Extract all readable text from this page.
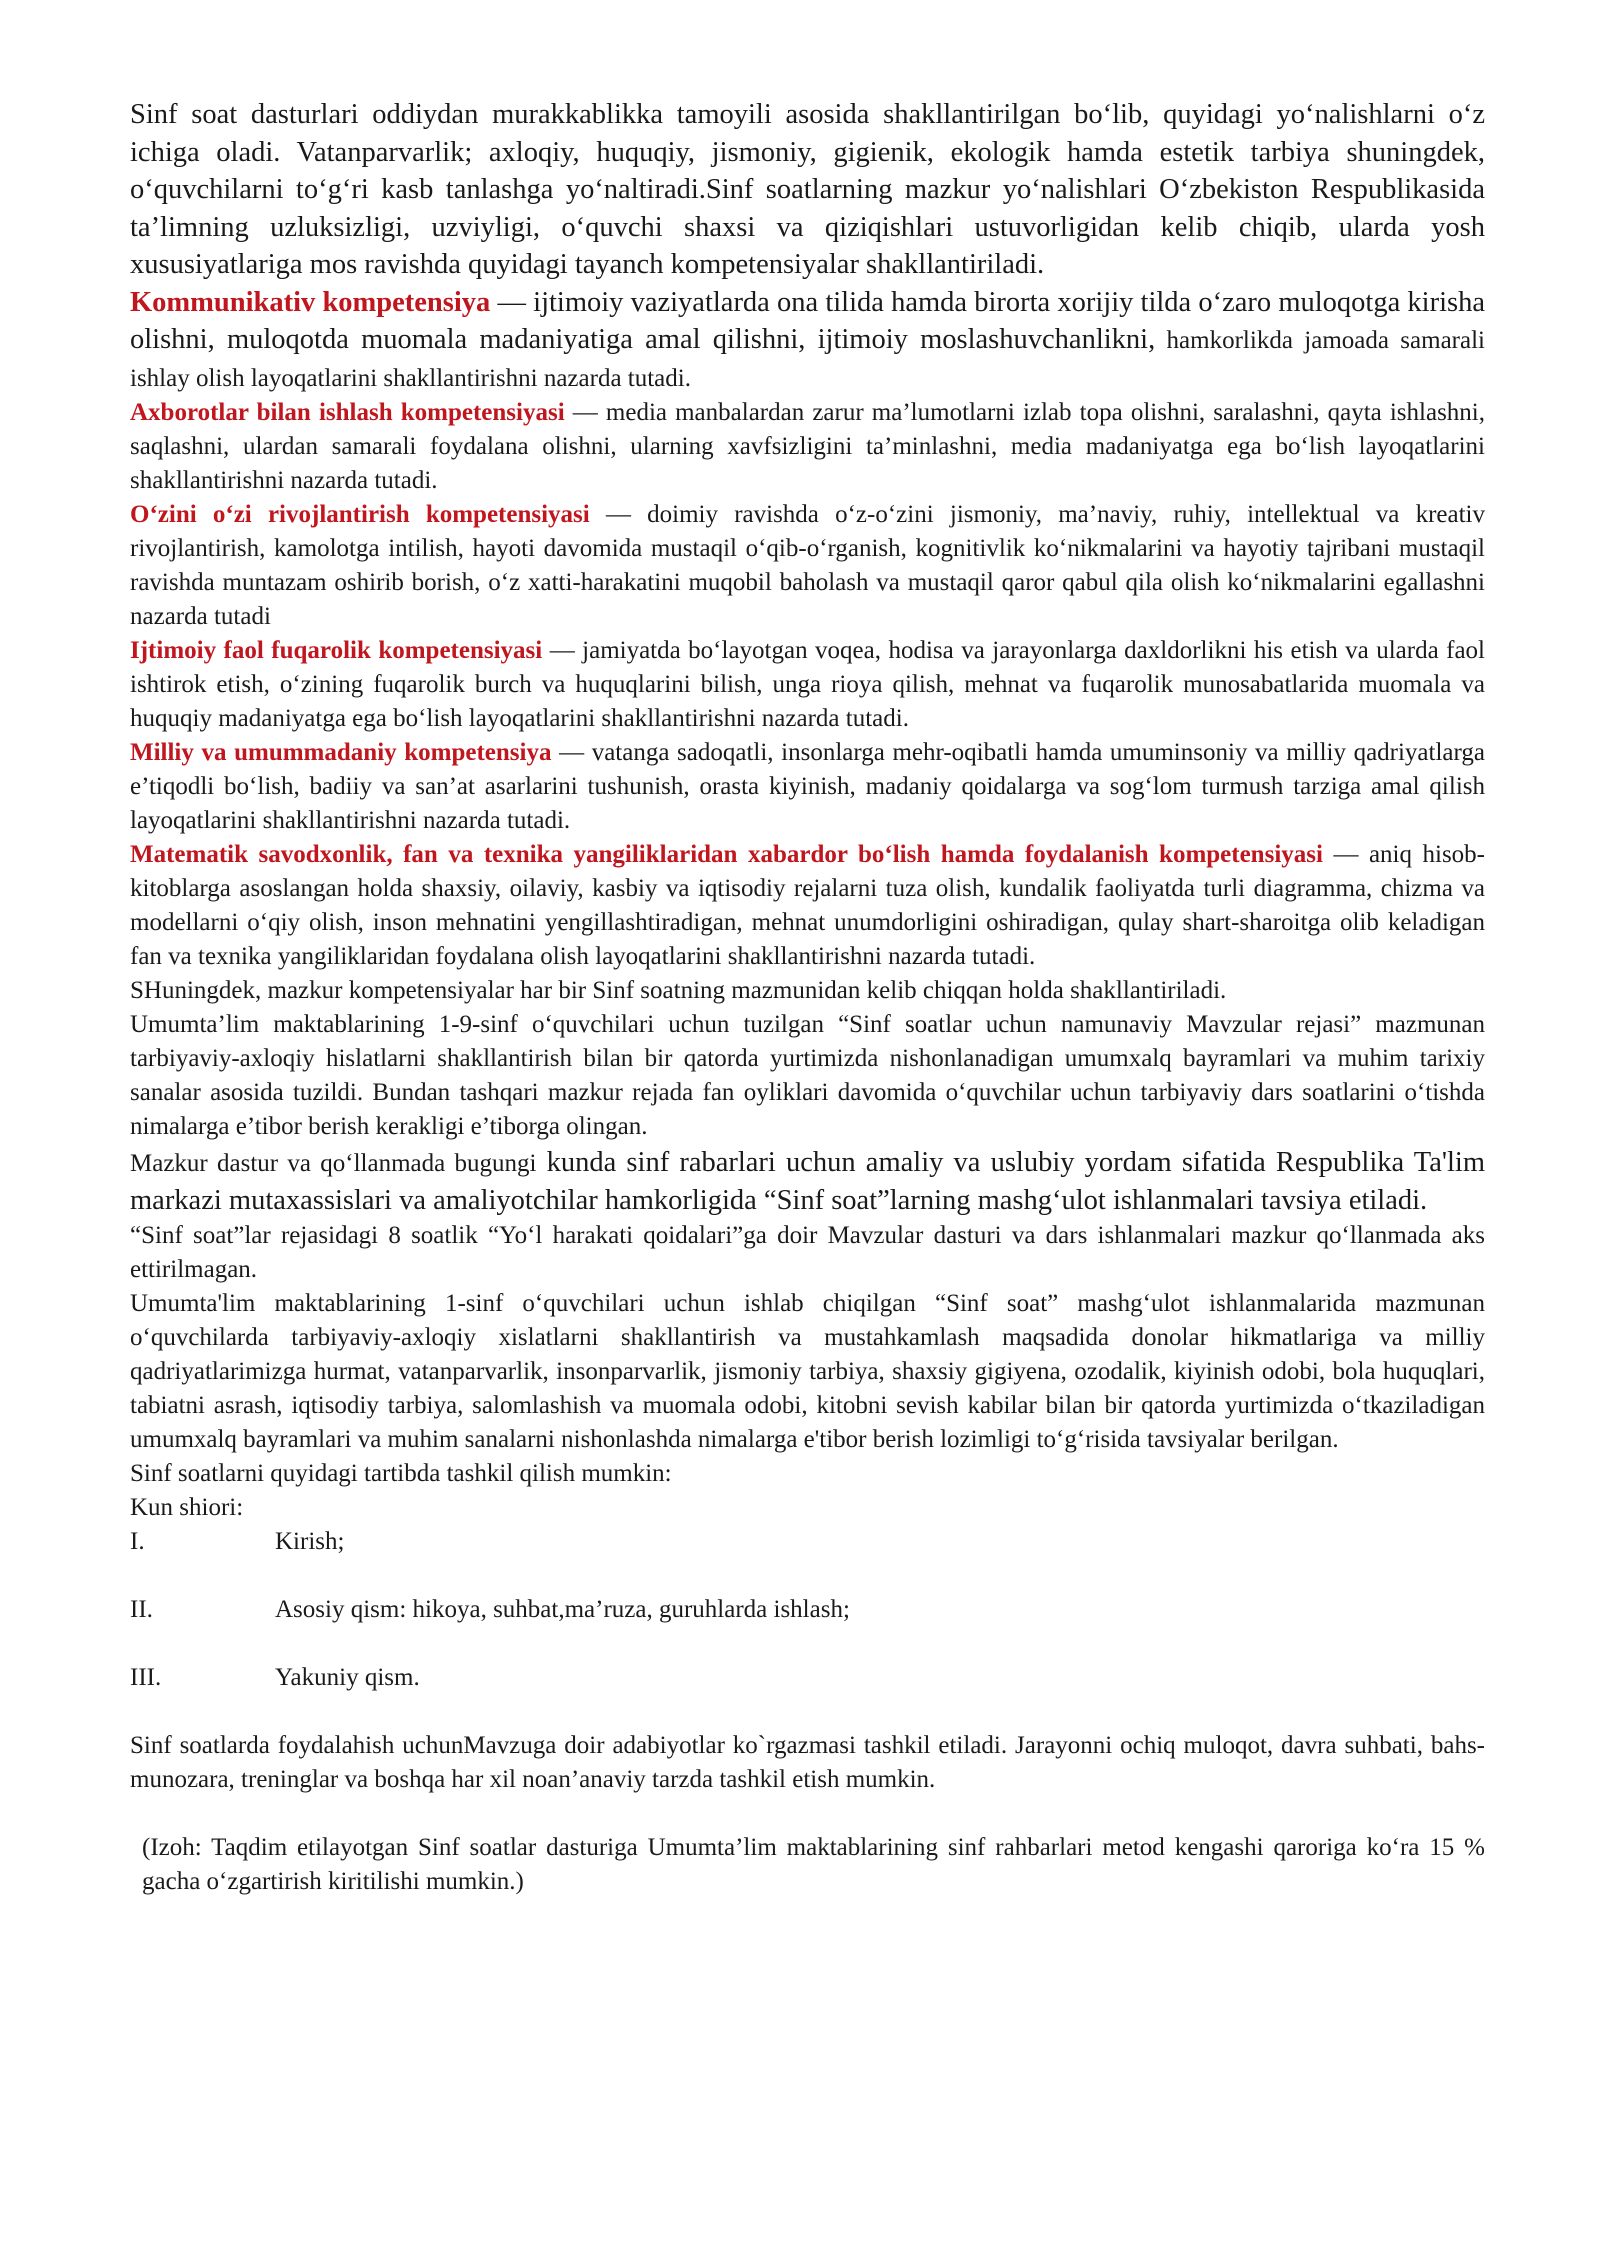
Sinf soat dasturlari oddiydan murakkablikka tamoyili asosida shakllantirilgan bo‘lib, quyidagi yo‘nalishlarni o‘z ichiga oladi. Vatanparvarlik; axloqiy, huquqiy, jismoniy, gigienik, ekologik hamda estetik tarbiya shuningdek, o‘quvchilarni to‘g‘ri kasb tanlashga yo‘naltiradi.Sinf soatlarning mazkur yo‘nalishlari O‘zbekiston Respublikasida ta’limning uzluksizligi, uzviyligi, o‘quvchi shaxsi va qiziqishlari ustuvorligidan kelib chiqib, ularda yosh xususiyatlariga mos ravishda quyidagi tayanch kompetensiyalar shakllantiriladi.

Kommunikativ kompetensiya — ijtimoiy vaziyatlarda ona tilida hamda birorta xorijiy tilda o‘zaro muloqotga kirisha olishni, muloqotda muomala madaniyatiga amal qilishni, ijtimoiy moslashuvchanlikni, hamkorlikda jamoada samarali ishlay olish layoqatlarini shakllantirishni nazarda tutadi.

Axborotlar bilan ishlash kompetensiyasi — media manbalardan zarur ma’lumotlarni izlab topa olishni, saralashni, qayta ishlashni, saqlashni, ulardan samarali foydalana olishni, ularning xavfsizligini ta’minlashni, media madaniyatga ega bo‘lish layoqatlarini shakllantirishni nazarda tutadi.

O‘zini o‘zi rivojlantirish kompetensiyasi — doimiy ravishda o‘z-o‘zini jismoniy, ma’naviy, ruhiy, intellektual va kreativ rivojlantirish, kamolotga intilish, hayoti davomida mustaqil o‘qib-o‘rganish, kognitivlik ko‘nikmalarini va hayotiy tajribani mustaqil ravishda muntazam oshirib borish, o‘z xatti-harakatini muqobil baholash va mustaqil qaror qabul qila olish ko‘nikmalarini egallashni nazarda tutadi

Ijtimoiy faol fuqarolik kompetensiyasi — jamiyatda bo‘layotgan voqea, hodisa va jarayonlarga daxldorlikni his etish va ularda faol ishtirok etish, o‘zining fuqarolik burch va huquqlarini bilish, unga rioya qilish, mehnat va fuqarolik munosabatlarida muomala va huquqiy madaniyatga ega bo‘lish layoqatlarini shakllantirishni nazarda tutadi.

Milliy va umummadaniy kompetensiya — vatanga sadoqatli, insonlarga mehr-oqibatli hamda umuminsoniy va milliy qadriyatlarga e’tiqodli bo‘lish, badiiy va san’at asarlarini tushunish, orasta kiyinish, madaniy qoidalarga va sog‘lom turmush tarziga amal qilish layoqatlarini shakllantirishni nazarda tutadi.

Matematik savodxonlik, fan va texnika yangiliklaridan xabardor bo‘lish hamda foydalanish kompetensiyasi — aniq hisob-kitoblarga asoslangan holda shaxsiy, oilaviy, kasbiy va iqtisodiy rejalarni tuza olish, kundalik faoliyatda turli diagramma, chizma va modellarni o‘qiy olish, inson mehnatini yengillashtiradigan, mehnat unumdorligini oshiradigan, qulay shart-sharoitga olib keladigan fan va texnika yangiliklaridan foydalana olish layoqatlarini shakllantirishni nazarda tutadi.

SHuningdek, mazkur kompetensiyalar har bir Sinf soatning mazmunidan kelib chiqqan holda shakllantiriladi.

Umumta’lim maktablarining 1-9-sinf o‘quvchilari uchun tuzilgan “Sinf soatlar uchun namunaviy Mavzular rejasi” mazmunan tarbiyaviy-axloqiy hislatlarni shakllantirish bilan bir qatorda yurtimizda nishonlanadigan umumxalq bayramlari va muhim tarixiy sanalar asosida tuzildi. Bundan tashqari mazkur rejada fan oyliklari davomida o‘quvchilar uchun tarbiyaviy dars soatlarini o‘tishda nimalarga e’tibor berish kerakligi e’tiborga olingan.

Mazkur dastur va qo‘llanmada bugungi kunda sinf rabarlari uchun amaliy va uslubiy yordam sifatida Respublika Ta'lim markazi mutaxassislari va amaliyotchilar hamkorligida “Sinf soat”larning mashg‘ulot ishlanmalari tavsiya etiladi.

“Sinf soat”lar rejasidagi 8 soatlik “Yo‘l harakati qoidalari”ga doir Mavzular dasturi va dars ishlanmalari mazkur qo‘llanmada aks ettirilmagan.

Umumta'lim maktablarining 1-sinf o‘quvchilari uchun ishlab chiqilgan “Sinf soat” mashg‘ulot ishlanmalarida mazmunan o‘quvchilarda tarbiyaviy-axloqiy xislatlarni shakllantirish va mustahkamlash maqsadida donolar hikmatlariga va milliy qadriyatlarimizga hurmat, vatanparvarlik, insonparvarlik, jismoniy tarbiya, shaxsiy gigiyena, ozodalik, kiyinish odobi, bola huquqlari, tabiatni asrash, iqtisodiy tarbiya, salomlashish va muomala odobi, kitobni sevish kabilar bilan bir qatorda yurtimizda o‘tkaziladigan umumxalq bayramlari va muhim sanalarni nishonlashda nimalarga e'tibor berish lozimligi to‘g‘risida tavsiyalar berilgan.

Sinf soatlarni quyidagi tartibda tashkil qilish mumkin:

Kun shiori:

I.	Kirish;
II.	Asosiy qism: hikoya, suhbat,ma’ruza, guruhlarda ishlash;
III.	Yakuniy qism.

Sinf soatlarda foydalahish uchunMavzuga doir adabiyotlar ko`rgazmasi tashkil etiladi. Jarayonni ochiq muloqot, davra suhbati, bahs-munozara, treninglar va boshqa har xil noan’anaviy tarzda tashkil etish mumkin.

(Izoh: Taqdim etilayotgan Sinf soatlar dasturiga Umumta’lim maktablarining sinf rahbarlari metod kengashi qaroriga ko‘ra 15 % gacha o‘zgartirish kiritilishi mumkin.)
